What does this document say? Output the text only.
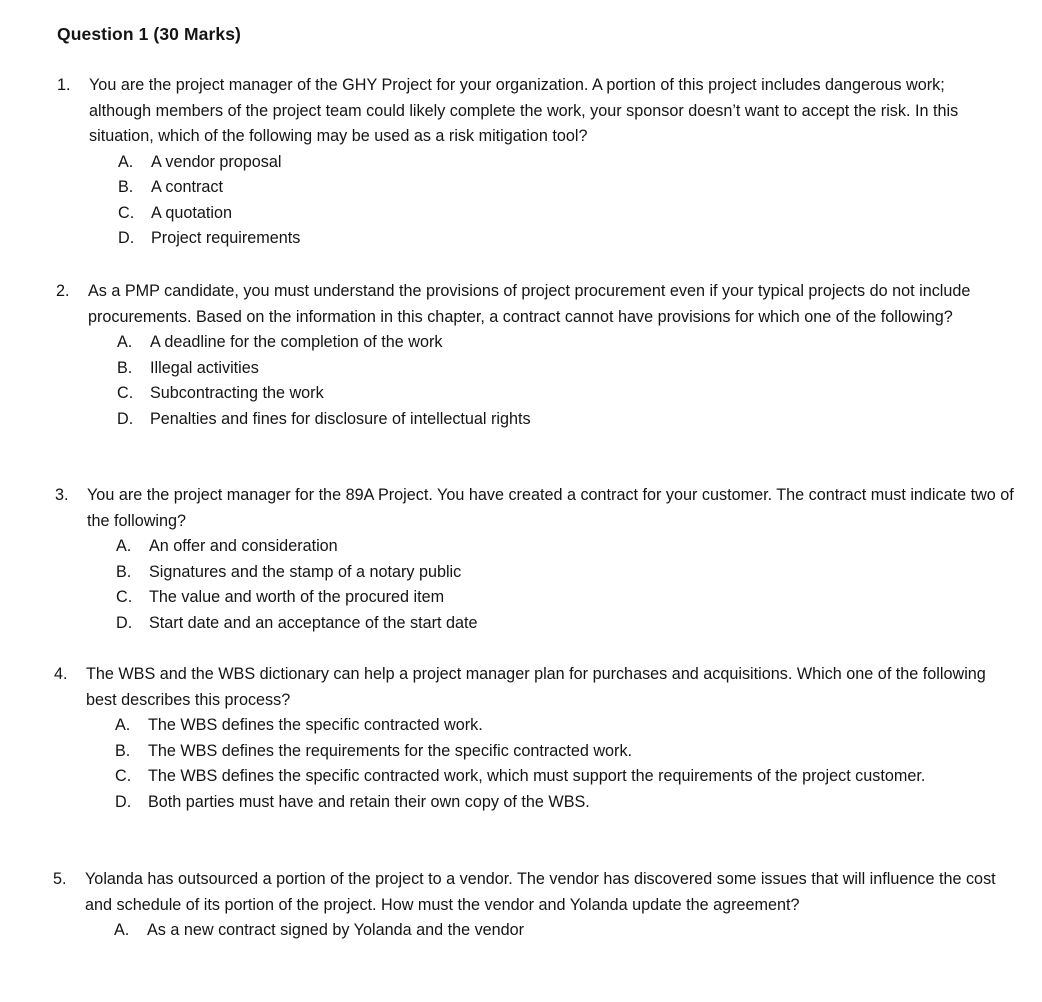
Question 1 (30 Marks)
1. You are the project manager of the GHY Project for your organization. A portion of this project includes dangerous work; although members of the project team could likely complete the work, your sponsor doesn’t want to accept the risk. In this situation, which of the following may be used as a risk mitigation tool?
A. A vendor proposal
B. A contract
C. A quotation
D. Project requirements
2. As a PMP candidate, you must understand the provisions of project procurement even if your typical projects do not include procurements. Based on the information in this chapter, a contract cannot have provisions for which one of the following?
A. A deadline for the completion of the work
B. Illegal activities
C. Subcontracting the work
D. Penalties and fines for disclosure of intellectual rights
3. You are the project manager for the 89A Project. You have created a contract for your customer. The contract must indicate two of the following?
A. An offer and consideration
B. Signatures and the stamp of a notary public
C. The value and worth of the procured item
D. Start date and an acceptance of the start date
4. The WBS and the WBS dictionary can help a project manager plan for purchases and acquisitions. Which one of the following best describes this process?
A. The WBS defines the specific contracted work.
B. The WBS defines the requirements for the specific contracted work.
C. The WBS defines the specific contracted work, which must support the requirements of the project customer.
D. Both parties must have and retain their own copy of the WBS.
5. Yolanda has outsourced a portion of the project to a vendor. The vendor has discovered some issues that will influence the cost and schedule of its portion of the project. How must the vendor and Yolanda update the agreement?
A. As a new contract signed by Yolanda and the vendor
